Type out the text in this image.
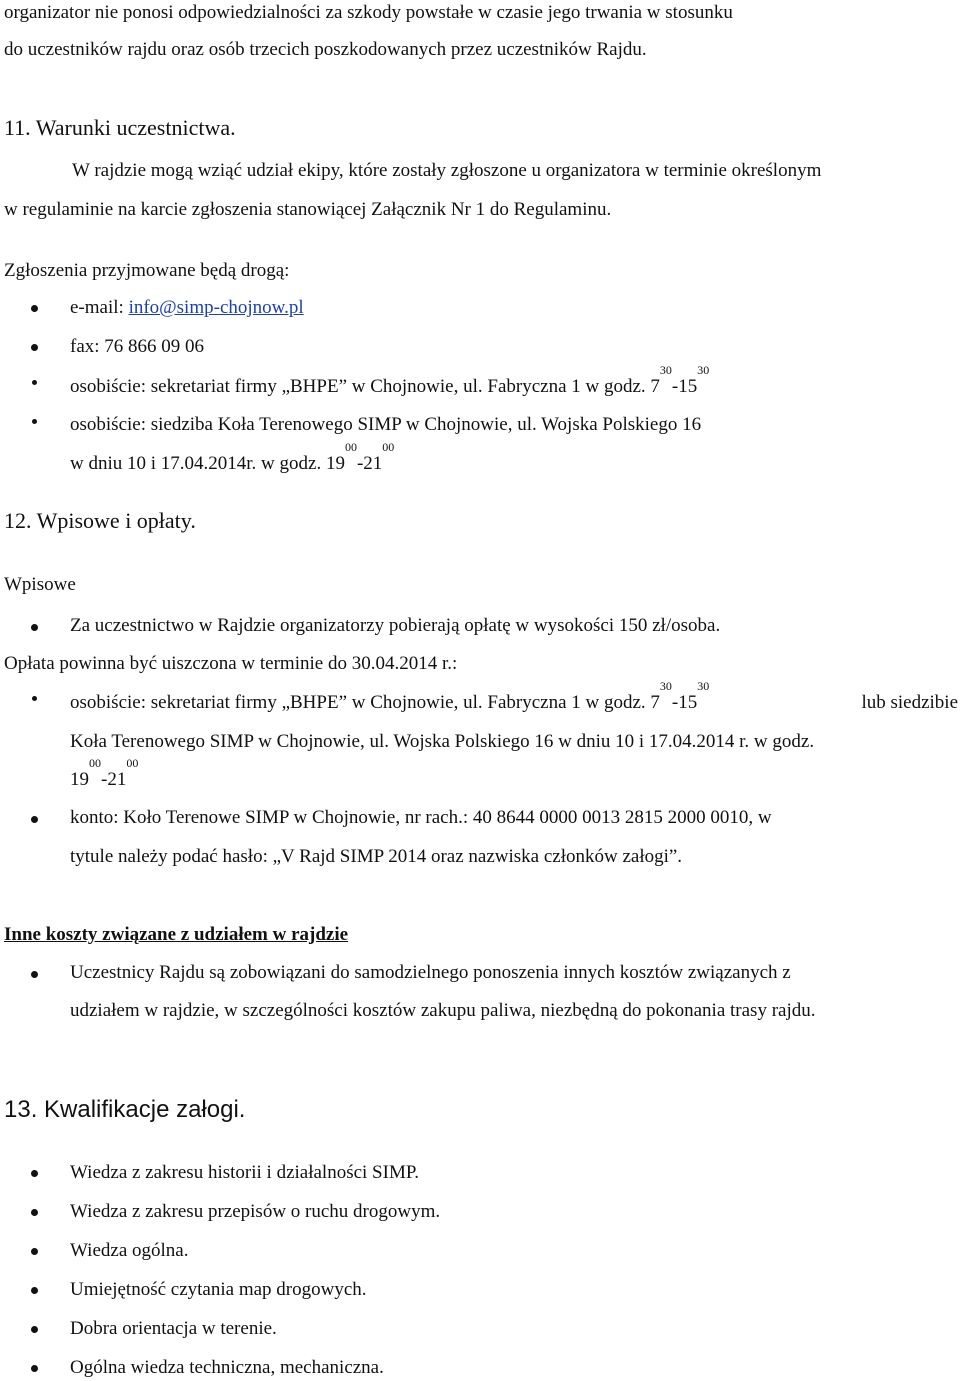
organizator nie ponosi odpowiedzialności za szkody powstałe w czasie jego trwania w stosunku
do uczestników rajdu oraz osób trzecich poszkodowanych przez uczestników Rajdu.
11. Warunki uczestnictwa.
W rajdzie mogą wziąć udział ekipy, które zostały zgłoszone u organizatora w terminie określonym
w regulaminie na karcie zgłoszenia stanowiącej Załącznik Nr 1 do Regulaminu.
Zgłoszenia przyjmowane będą drogą:
e-mail: info@simp-chojnow.pl
fax: 76 866 09 06
osobiście: sekretariat firmy „BHPE” w Chojnowie, ul. Fabryczna 1 w godz. $7^{30}-15^{30}$
osobiście: siedziba Koła Terenowego SIMP w Chojnowie, ul. Wojska Polskiego 16
w dniu 10 i 17.04.2014r. w godz. $19^{00}-21^{00}$
12. Wpisowe i opłaty.
Wpisowe
Za uczestnictwo w Rajdzie organizatorzy pobierają opłatę w wysokości 150 zł/osoba.
Opłata powinna być uiszczona w terminie do 30.04.2014 r.:
osobiście: sekretariat firmy „BHPE” w Chojnowie, ul. Fabryczna 1 w godz. $7^{30}-15^{30}$
lub siedzibie
Koła Terenowego SIMP w Chojnowie, ul. Wojska Polskiego 16 w dniu 10 i 17.04.2014 r. w godz.
$19^{00}-21^{00}$
konto: Koło Terenowe SIMP w Chojnowie, nr rach.: 40 8644 0000 0013 2815 2000 0010, w
tytule należy podać hasło: „V Rajd SIMP 2014 oraz nazwiska członków załogi”.
Inne koszty związane z udziałem w rajdzie
Uczestnicy Rajdu są zobowiązani do samodzielnego ponoszenia innych kosztów związanych z
udziałem w rajdzie, w szczególności kosztów zakupu paliwa, niezbędną do pokonania trasy rajdu.
13. Kwalifikacje załogi.
Wiedza z zakresu historii i działalności SIMP.
Wiedza z zakresu przepisów o ruchu drogowym.
Wiedza ogólna.
Umiejętność czytania map drogowych.
Dobra orientacja w terenie.
Ogólna wiedza techniczna, mechaniczna.
